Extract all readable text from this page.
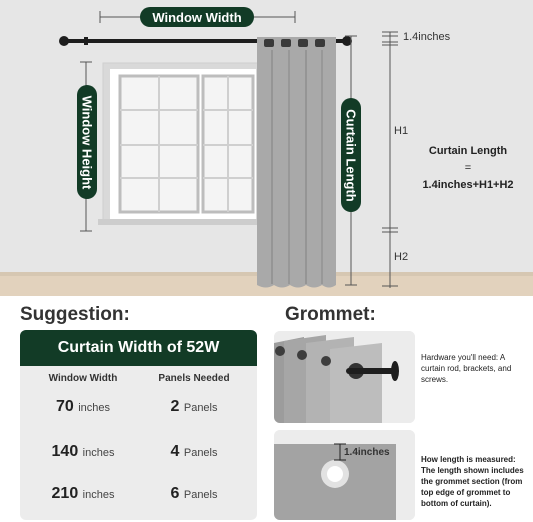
Window Width
Window Height	Curtain Length
1.4inches
H1
H2
Curtain Length
=
1.4inches+H1+H2
Suggestion:
Curtain Width of 52W
Window Width	Panels Needed
70 inches	2 Panels
140 inches	4 Panels
210 inches	6 Panels
Grommet:
Hardware you'll need: A curtain rod, brackets, and screws.
1.4inches
How length is measured: The length shown includes the grommet section (from top edge of grommet to bottom of curtain).
